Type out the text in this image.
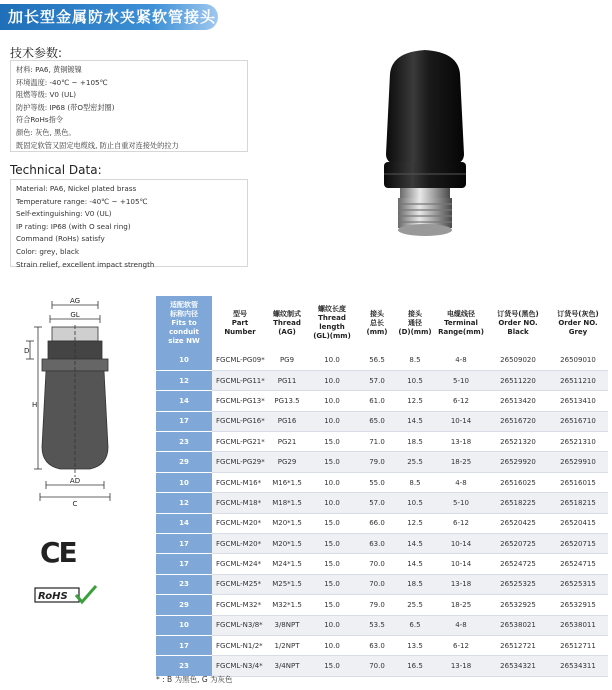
加长型金属防水夹紧软管接头
技术参数:
材料: PA6, 黄铜镀镍
环境温度: -40℃ ~ +105℃
阻燃等级: V0 (UL)
防护等级: IP68 (带O型密封圈)
符合RoHs指令
颜色: 灰色, 黑色。
既固定软管又固定电缆线, 防止自重对连接处的拉力
Technical Data:
Material: PA6, Nickel plated brass
Temperature range: -40℃ ~ +105℃
Self-extinguishing: V0 (UL)
IP rating: IP68 (with O seal ring)
Command (RoHs) satisfy
Color: grey, black
Strain relief, excellent impact strength
AG
GL
D
H
AD
C
CE
RoHS
适配软管
标称内径
Fits to conduit
size NW	型号
Part
Number	螺纹制式
Thread
(AG)	螺纹长度
Thread length
(GL)(mm)	接头
总长
(mm)	接头
通径
(D)(mm)	电缆线径
Terminal
Range(mm)	订货号(黑色)
Order NO.
Black	订货号(灰色)
Order NO.
Grey
10	FGCML-PG09*	PG9	10.0	56.5	8.5	4-8	26509020	26509010
12	FGCML-PG11*	PG11	10.0	57.0	10.5	5-10	26511220	26511210
14	FGCML-PG13*	PG13.5	10.0	61.0	12.5	6-12	26513420	26513410
17	FGCML-PG16*	PG16	10.0	65.0	14.5	10-14	26516720	26516710
23	FGCML-PG21*	PG21	15.0	71.0	18.5	13-18	26521320	26521310
29	FGCML-PG29*	PG29	15.0	79.0	25.5	18-25	26529920	26529910
10	FGCML-M16*	M16*1.5	10.0	55.0	8.5	4-8	26516025	26516015
12	FGCML-M18*	M18*1.5	10.0	57.0	10.5	5-10	26518225	26518215
14	FGCML-M20*	M20*1.5	15.0	66.0	12.5	6-12	26520425	26520415
17	FGCML-M20*	M20*1.5	15.0	63.0	14.5	10-14	26520725	26520715
17	FGCML-M24*	M24*1.5	15.0	70.0	14.5	10-14	26524725	26524715
23	FGCML-M25*	M25*1.5	15.0	70.0	18.5	13-18	26525325	26525315
29	FGCML-M32*	M32*1.5	15.0	79.0	25.5	18-25	26532925	26532915
10	FGCML-N3/8*	3/8NPT	10.0	53.5	6.5	4-8	26538021	26538011
17	FGCML-N1/2*	1/2NPT	10.0	63.0	13.5	6-12	26512721	26512711
23	FGCML-N3/4*	3/4NPT	15.0	70.0	16.5	13-18	26534321	26534311
* : B 为黑色, G 为灰色
